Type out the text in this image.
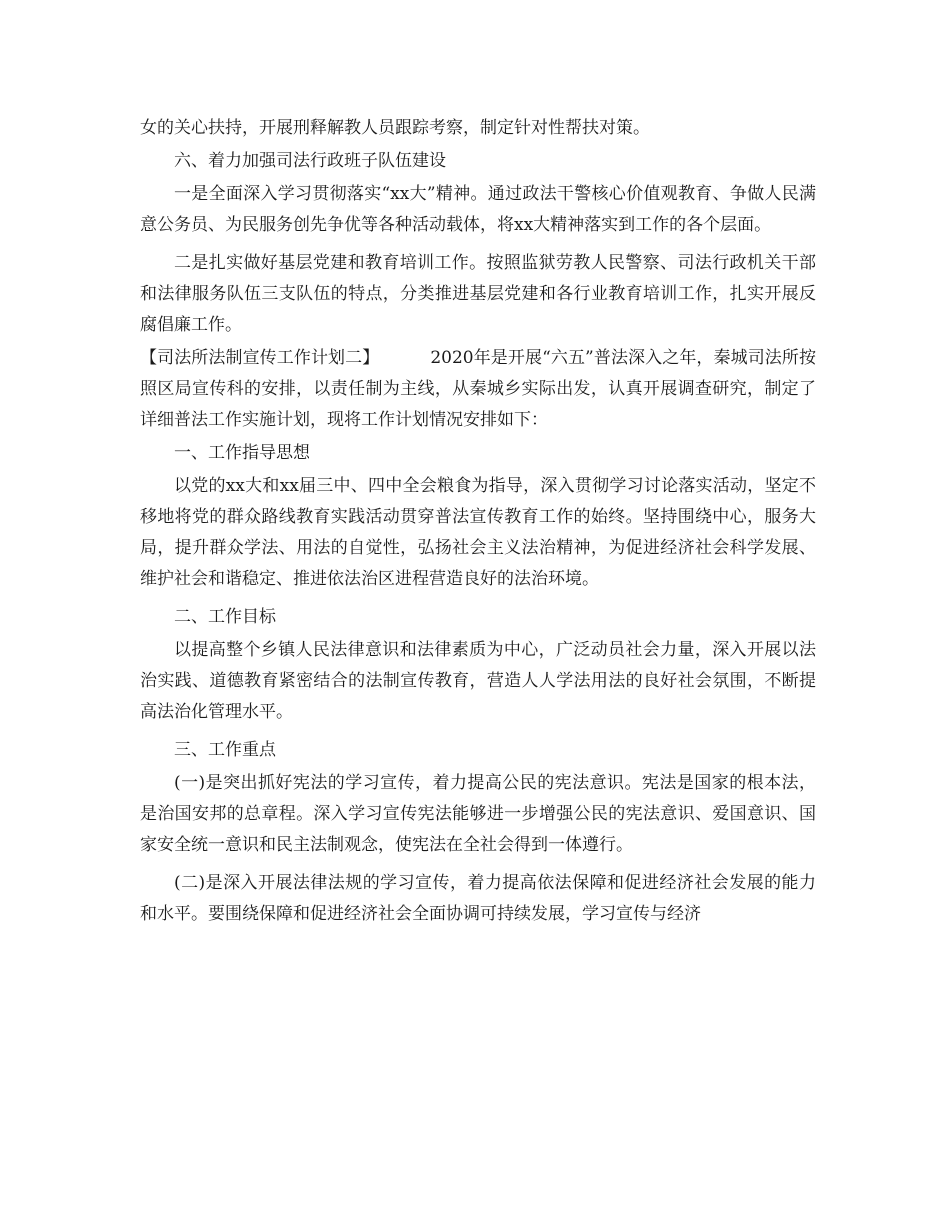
女的关心扶持，开展刑释解教人员跟踪考察，制定针对性帮扶对策。

六、着力加强司法行政班子队伍建设

一是全面深入学习贯彻落实“xx大”精神。通过政法干警核心价值观教育、争做人民满意公务员、为民服务创先争优等各种活动载体，将xx大精神落实到工作的各个层面。

二是扎实做好基层党建和教育培训工作。按照监狱劳教人民警察、司法行政机关干部和法律服务队伍三支队伍的特点，分类推进基层党建和各行业教育培训工作，扎实开展反腐倡廉工作。

【司法所法制宣传工作计划二】	2020年是开展“六五”普法深入之年，秦城司法所按照区局宣传科的安排，以责任制为主线，从秦城乡实际出发，认真开展调查研究，制定了详细普法工作实施计划，现将工作计划情况安排如下：

一、工作指导思想

以党的xx大和xx届三中、四中全会粮食为指导，深入贯彻学习讨论落实活动，坚定不移地将党的群众路线教育实践活动贯穿普法宣传教育工作的始终。坚持围绕中心，服务大局，提升群众学法、用法的自觉性，弘扬社会主义法治精神，为促进经济社会科学发展、维护社会和谐稳定、推进依法治区进程营造良好的法治环境。

二、工作目标

以提高整个乡镇人民法律意识和法律素质为中心，广泛动员社会力量，深入开展以法治实践、道德教育紧密结合的法制宣传教育，营造人人学法用法的良好社会氛围，不断提高法治化管理水平。

三、工作重点

(一)是突出抓好宪法的学习宣传，着力提高公民的宪法意识。宪法是国家的根本法，是治国安邦的总章程。深入学习宣传宪法能够进一步增强公民的宪法意识、爱国意识、国家安全统一意识和民主法制观念，使宪法在全社会得到一体遵行。

(二)是深入开展法律法规的学习宣传，着力提高依法保障和促进经济社会发展的能力和水平。要围绕保障和促进经济社会全面协调可持续发展，学习宣传与经济
